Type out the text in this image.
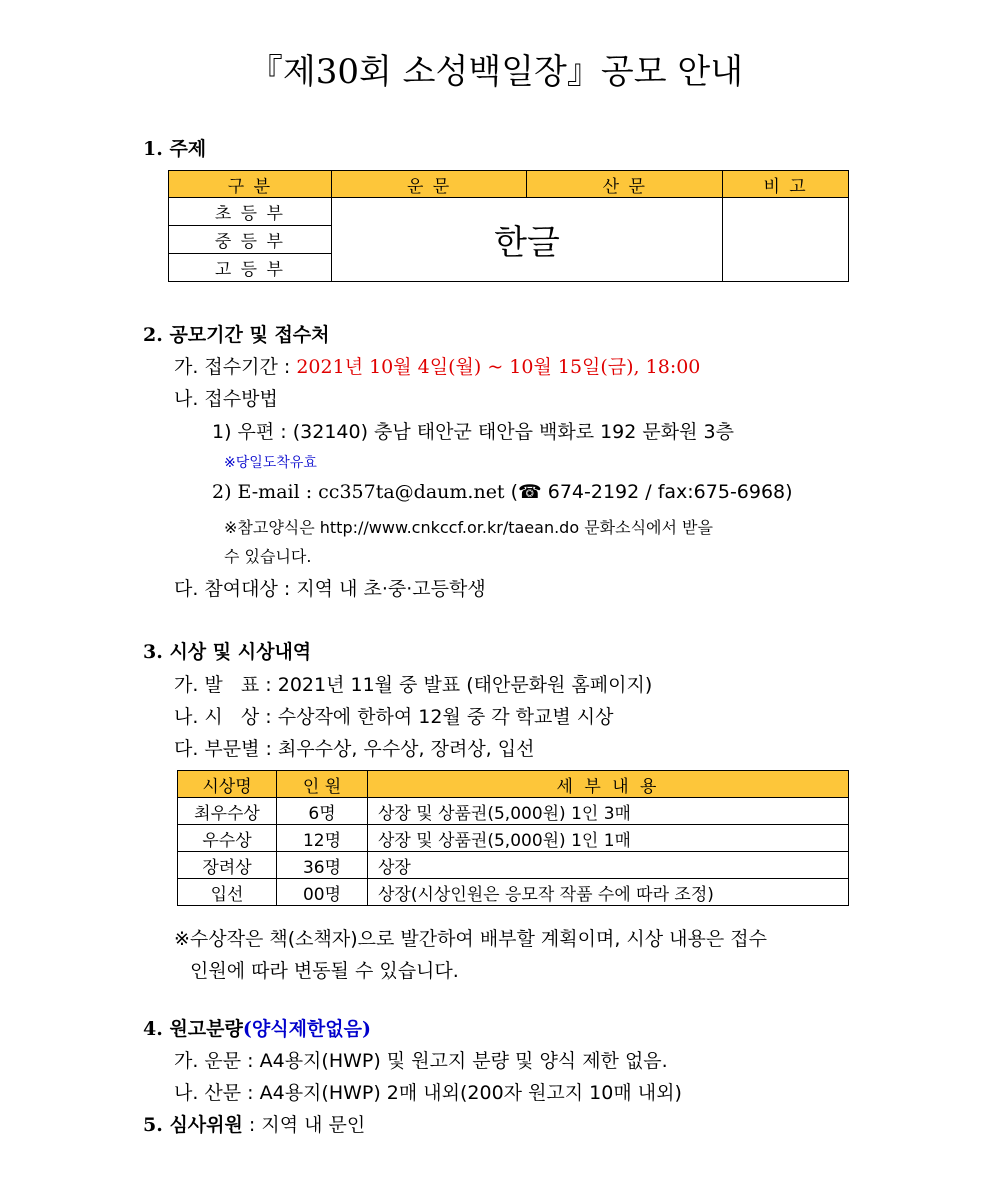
『제30회 소성백일장』공모 안내
1. 주제
구 분	운 문	산 문	비 고
초 등 부	한글		
중 등 부			
고 등 부			
2. 공모기간 및 접수처
가. 접수기간 : 2021년 10월 4일(월) ~ 10월 15일(금), 18:00
나. 접수방법
1) 우편 : (32140) 충남 태안군 태안읍 백화로 192 문화원 3층
※당일도착유효
2) E-mail : cc357ta@daum.net (☎ 674-2192 / fax:675-6968)
※참고양식은 http://www.cnkccf.or.kr/taean.do 문화소식에서 받을
수 있습니다.
다. 참여대상 : 지역 내 초·중·고등학생
3. 시상 및 시상내역
가. 발   표 : 2021년 11월 중 발표 (태안문화원 홈페이지)
나. 시   상 : 수상작에 한하여 12월 중 각 학교별 시상
다. 부문별 : 최우수상, 우수상, 장려상, 입선
시상명	인 원	세 부 내 용
최우수상	6명	상장 및 상품권(5,000원) 1인 3매
우수상	12명	상장 및 상품권(5,000원) 1인 1매
장려상	36명	상장
입선	00명	상장(시상인원은 응모작 작품 수에 따라 조정)
※수상작은 책(소책자)으로 발간하여 배부할 계획이며, 시상 내용은 접수
인원에 따라 변동될 수 있습니다.
4. 원고분량(양식제한없음)
가. 운문 : A4용지(HWP) 및 원고지 분량 및 양식 제한 없음.
나. 산문 : A4용지(HWP) 2매 내외(200자 원고지 10매 내외)
5. 심사위원 : 지역 내 문인
